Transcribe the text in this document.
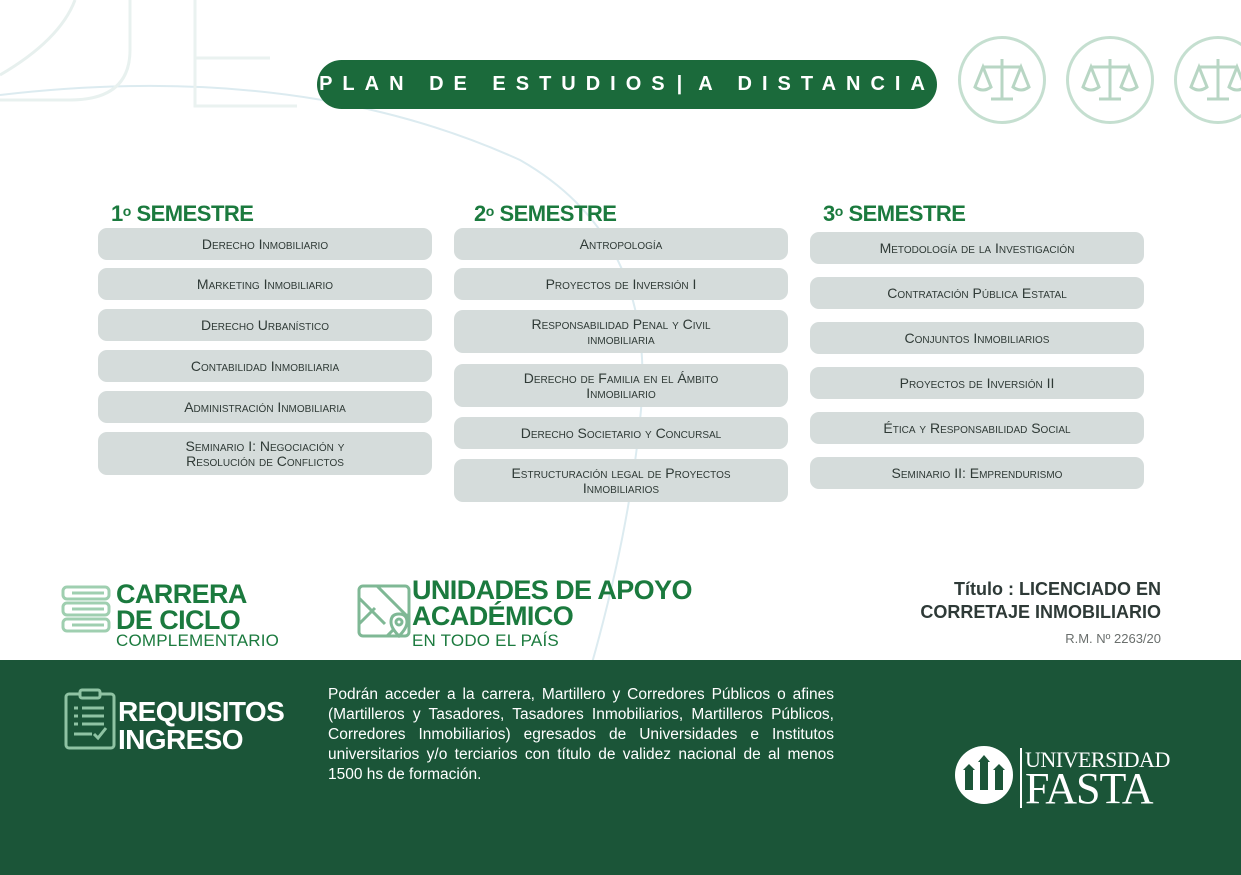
PLAN DE ESTUDIOS | A DISTANCIA
1$^o$ SEMESTRE
Derecho Inmobiliario
Marketing Inmobiliario
Derecho Urbanístico
Contabilidad Inmobiliaria
Administración Inmobiliaria
Seminario I: Negociación y
Resolución de Conflictos
2$^o$ SEMESTRE
Antropología
Proyectos de Inversión I
Responsabilidad Penal y Civil
inmobiliaria
Derecho de Familia en el Ámbito
Inmobiliario
Derecho Societario y Concursal
Estructuración legal de Proyectos
Inmobiliarios
3$^o$ SEMESTRE
Metodología de la Investigación
Contratación Pública Estatal
Conjuntos Inmobiliarios
Proyectos de Inversión II
Ética y Responsabilidad Social
Seminario II: Emprendurismo
CARRERA
DE CICLO
COMPLEMENTARIO
UNIDADES DE APOYO
ACADÉMICO
EN TODO EL PAÍS
Título : LICENCIADO EN
CORRETAJE INMOBILIARIO
R.M. Nº 2263/20
REQUISITOS
INGRESO
Podrán acceder a la carrera, Martillero y Corredores Públicos o afines (Martilleros y Tasadores, Tasadores Inmobiliarios, Martilleros Públicos, Corredores Inmobiliarios) egresados de Universidades e Institutos universitarios y/o terciarios con título de validez nacional de al menos 1500 hs de formación.
UNIVERSIDAD
FASTA
